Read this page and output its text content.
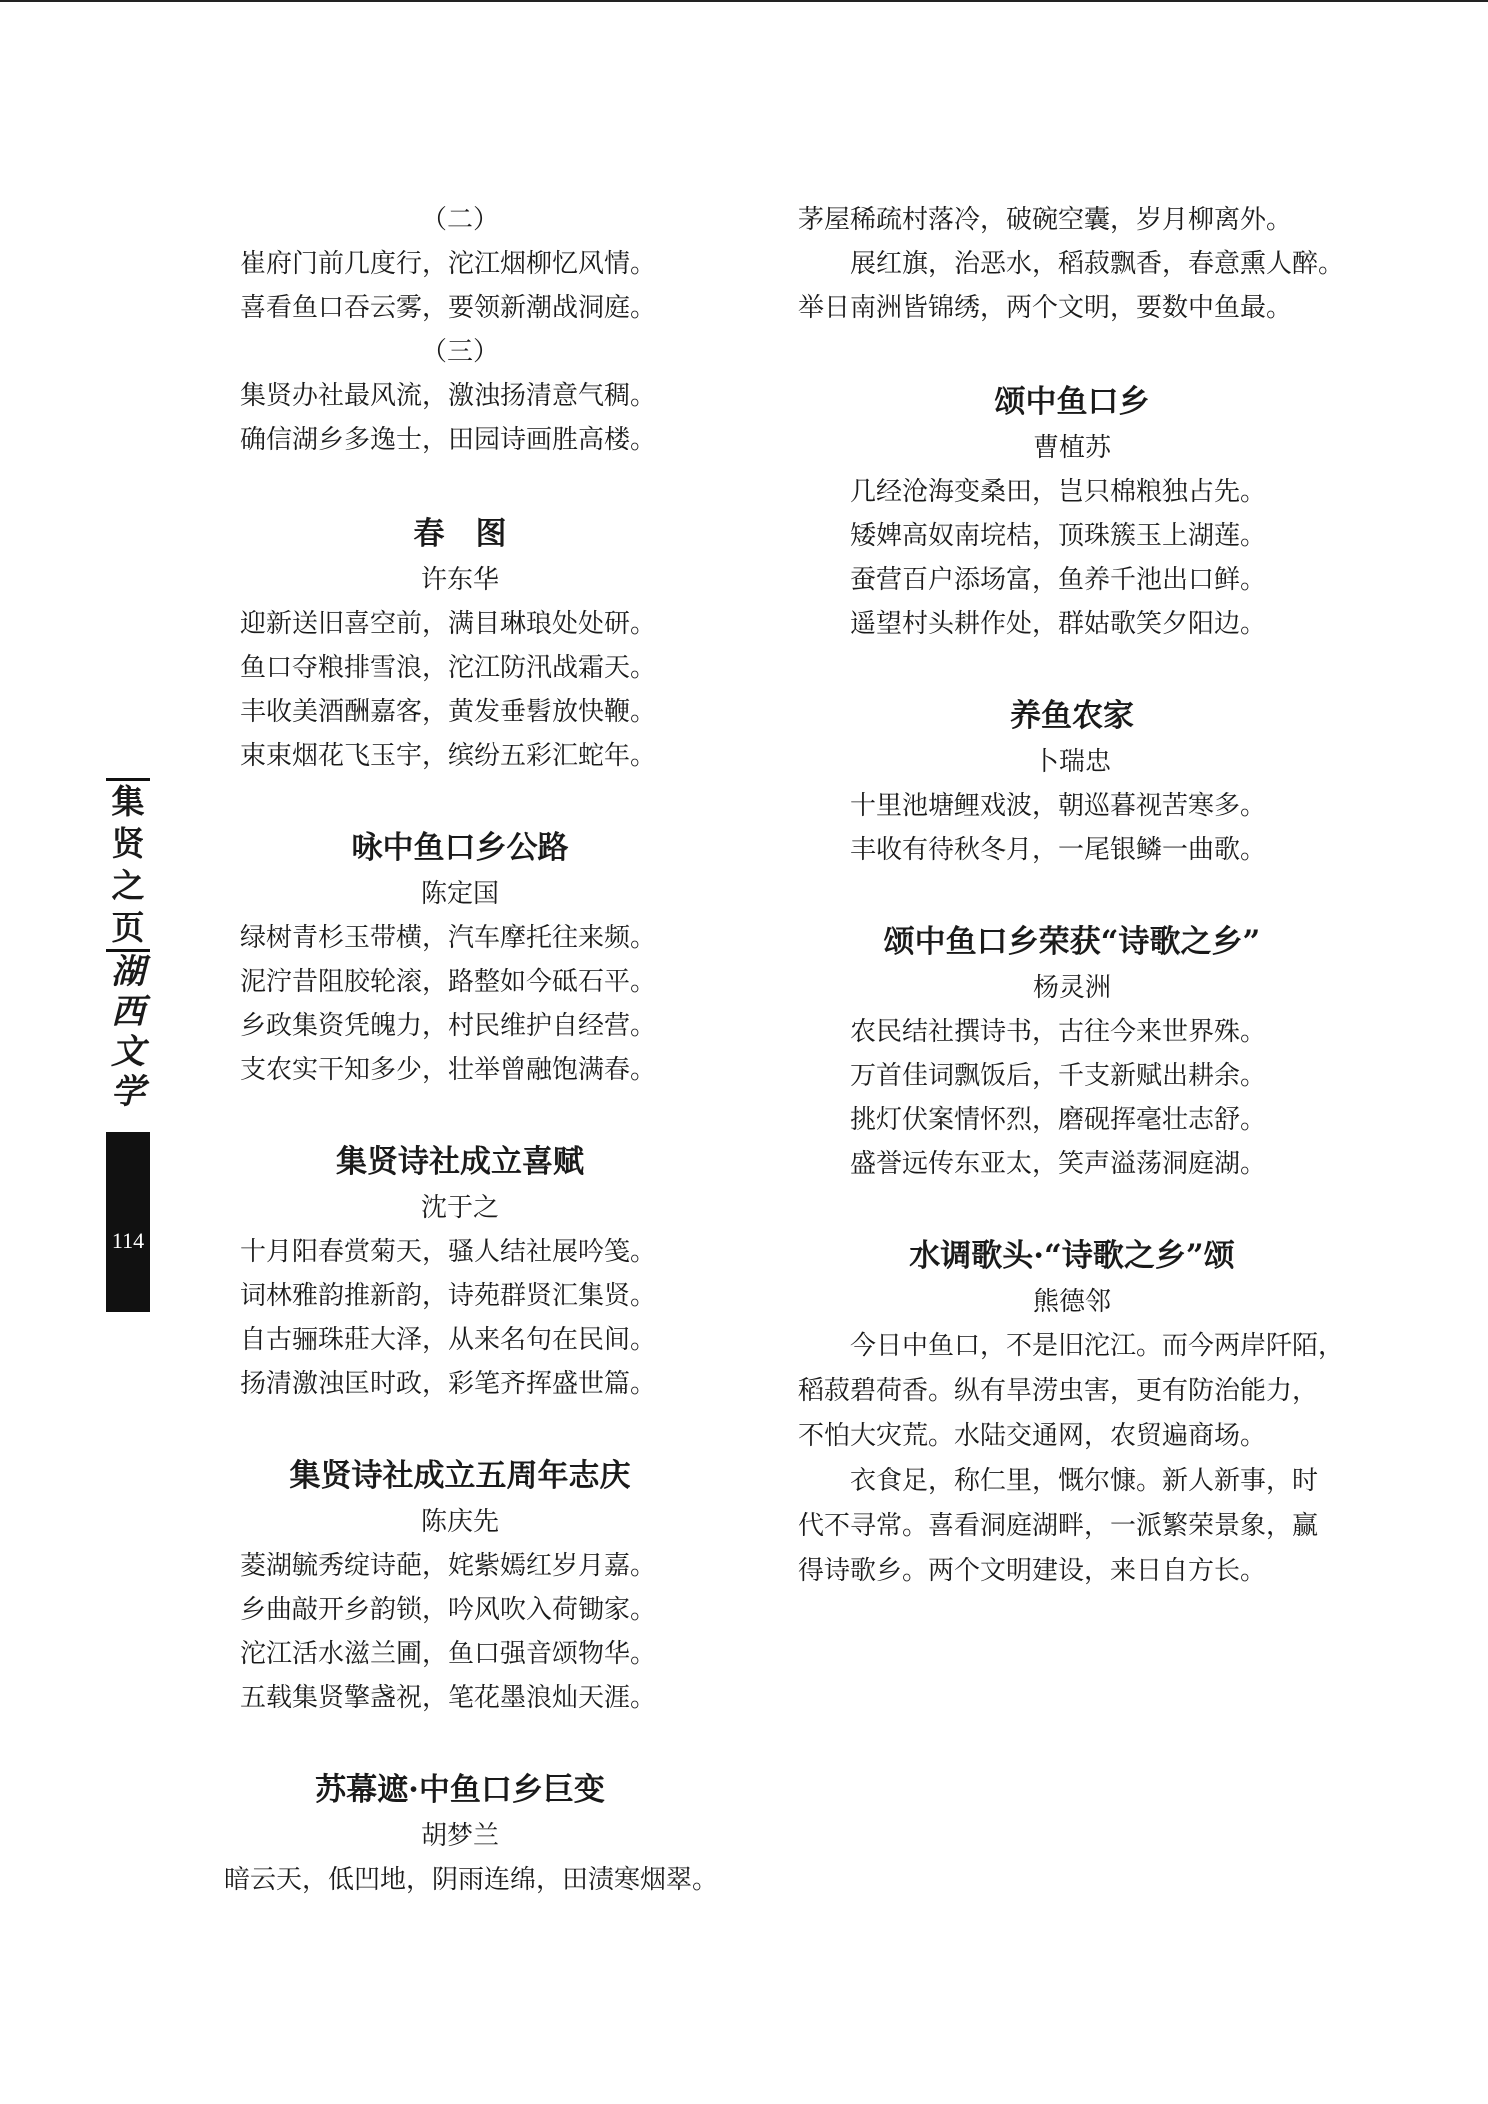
集
贤
之
页
湖
西
文
学
114
（二）
崔府门前几度行，沱江烟柳忆风情。
喜看鱼口吞云雾，要领新潮战洞庭。
（三）
集贤办社最风流，激浊扬清意气稠。
确信湖乡多逸士，田园诗画胜高楼。
春　图
许东华
迎新送旧喜空前，满目琳琅处处研。
鱼口夺粮排雪浪，沱江防汛战霜天。
丰收美酒酬嘉客，黄发垂髫放快鞭。
束束烟花飞玉宇，缤纷五彩汇蛇年。
咏中鱼口乡公路
陈定国
绿树青杉玉带横，汽车摩托往来频。
泥泞昔阻胶轮滚，路整如今砥石平。
乡政集资凭魄力，村民维护自经营。
支农实干知多少，壮举曾融饱满春。
集贤诗社成立喜赋
沈于之
十月阳春赏菊天，骚人结社展吟笺。
词林雅韵推新韵，诗苑群贤汇集贤。
自古骊珠莊大泽，从来名句在民间。
扬清激浊匡时政，彩笔齐挥盛世篇。
集贤诗社成立五周年志庆
陈庆先
菱湖毓秀绽诗葩，姹紫嫣红岁月嘉。
乡曲敲开乡韵锁，吟风吹入荷锄家。
沱江活水滋兰圃，鱼口强音颂物华。
五载集贤擎盏祝，笔花墨浪灿天涯。
苏幕遮·中鱼口乡巨变
胡梦兰
暗云天，低凹地，阴雨连绵，田渍寒烟翠。
茅屋稀疏村落冷，破碗空囊，岁月柳离外。
展红旗，治恶水，稻菽飘香，春意熏人醉。
举日南洲皆锦绣，两个文明，要数中鱼最。
颂中鱼口乡
曹植苏
几经沧海变桑田，岂只棉粮独占先。
矮婢高奴南垸桔，顶珠簇玉上湖莲。
蚕营百户添场富，鱼养千池出口鲜。
遥望村头耕作处，群姑歌笑夕阳边。
养鱼农家
卜瑞忠
十里池塘鲤戏波，朝巡暮视苦寒多。
丰收有待秋冬月，一尾银鳞一曲歌。
颂中鱼口乡荣获“诗歌之乡”
杨灵洲
农民结社撰诗书，古往今来世界殊。
万首佳词飘饭后，千支新赋出耕余。
挑灯伏案情怀烈，磨砚挥毫壮志舒。
盛誉远传东亚太，笑声溢荡洞庭湖。
水调歌头·“诗歌之乡”颂
熊德邻
今日中鱼口，不是旧沱江。而今两岸阡陌，
稻菽碧荷香。纵有旱涝虫害，更有防治能力，
不怕大灾荒。水陆交通网，农贸遍商场。
衣食足，称仁里，慨尔慷。新人新事，时
代不寻常。喜看洞庭湖畔，一派繁荣景象，赢
得诗歌乡。两个文明建设，来日自方长。
